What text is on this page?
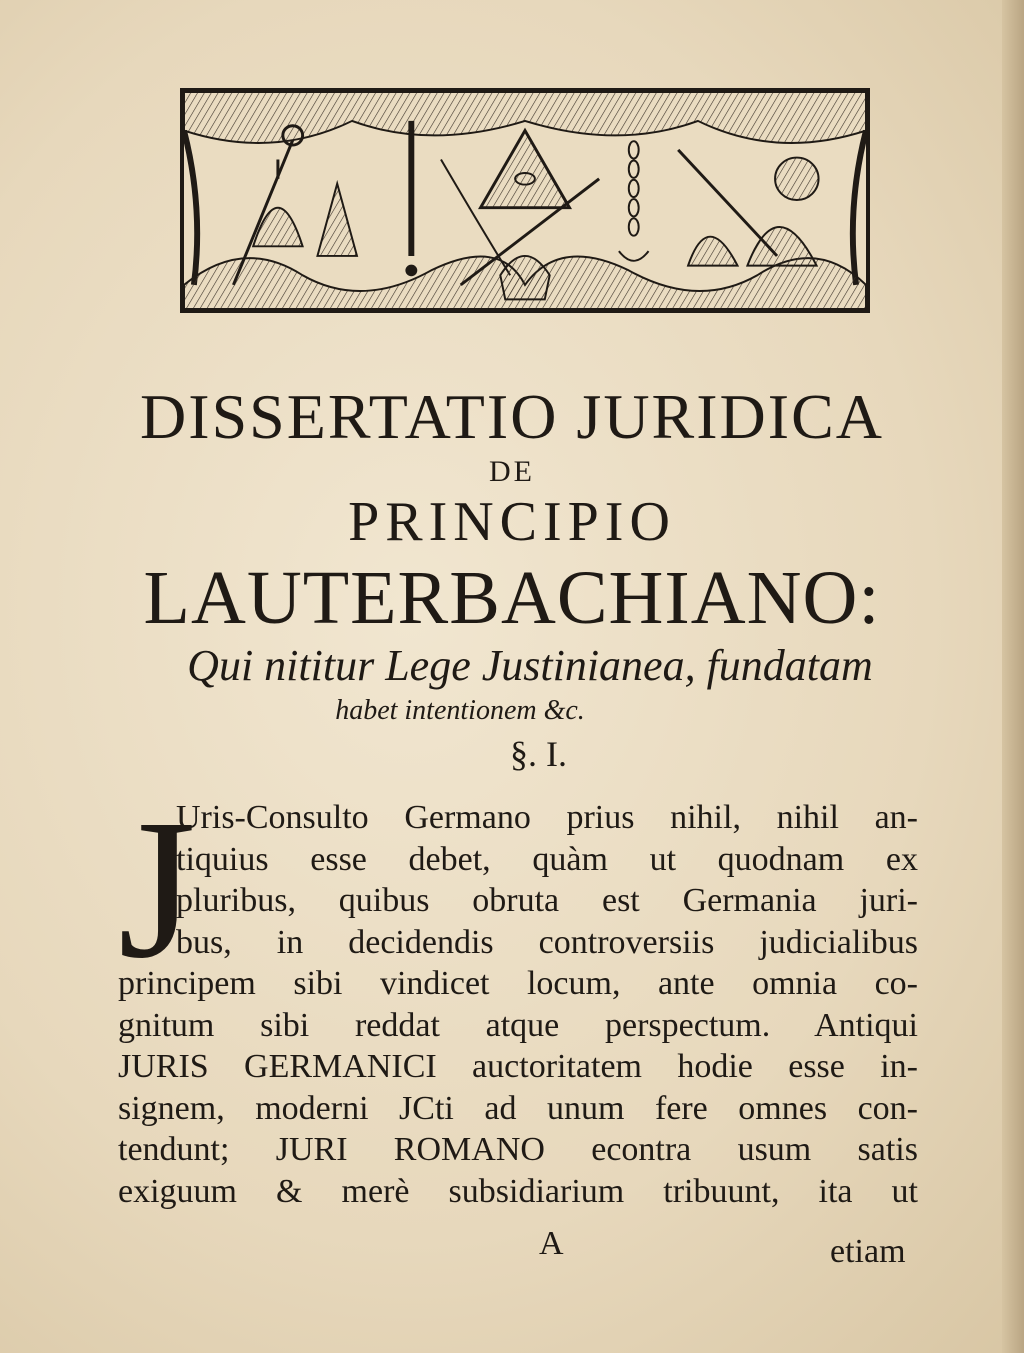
DISSERTATIO JURIDICA
DE
PRINCIPIO
LAUTERBACHIANO:

Qui nititur Lege Justinianea, fundatam

habet intentionem &c.

§. I.

J

Uris-Consulto Germano prius nihil, nihil an-
tiquius esse debet, quàm ut quodnam ex
pluribus, quibus obruta est Germania juri-
bus, in decidendis controversiis judicialibus
principem sibi vindicet locum, ante omnia co-
gnitum sibi reddat atque perspectum. Antiqui
JURIS GERMANICI auctoritatem hodie esse in-
signem, moderni JCti ad unum fere omnes con-
tendunt; JURI ROMANO econtra usum satis
exiguum & merè subsidiarium tribuunt, ita ut

A	etiam
